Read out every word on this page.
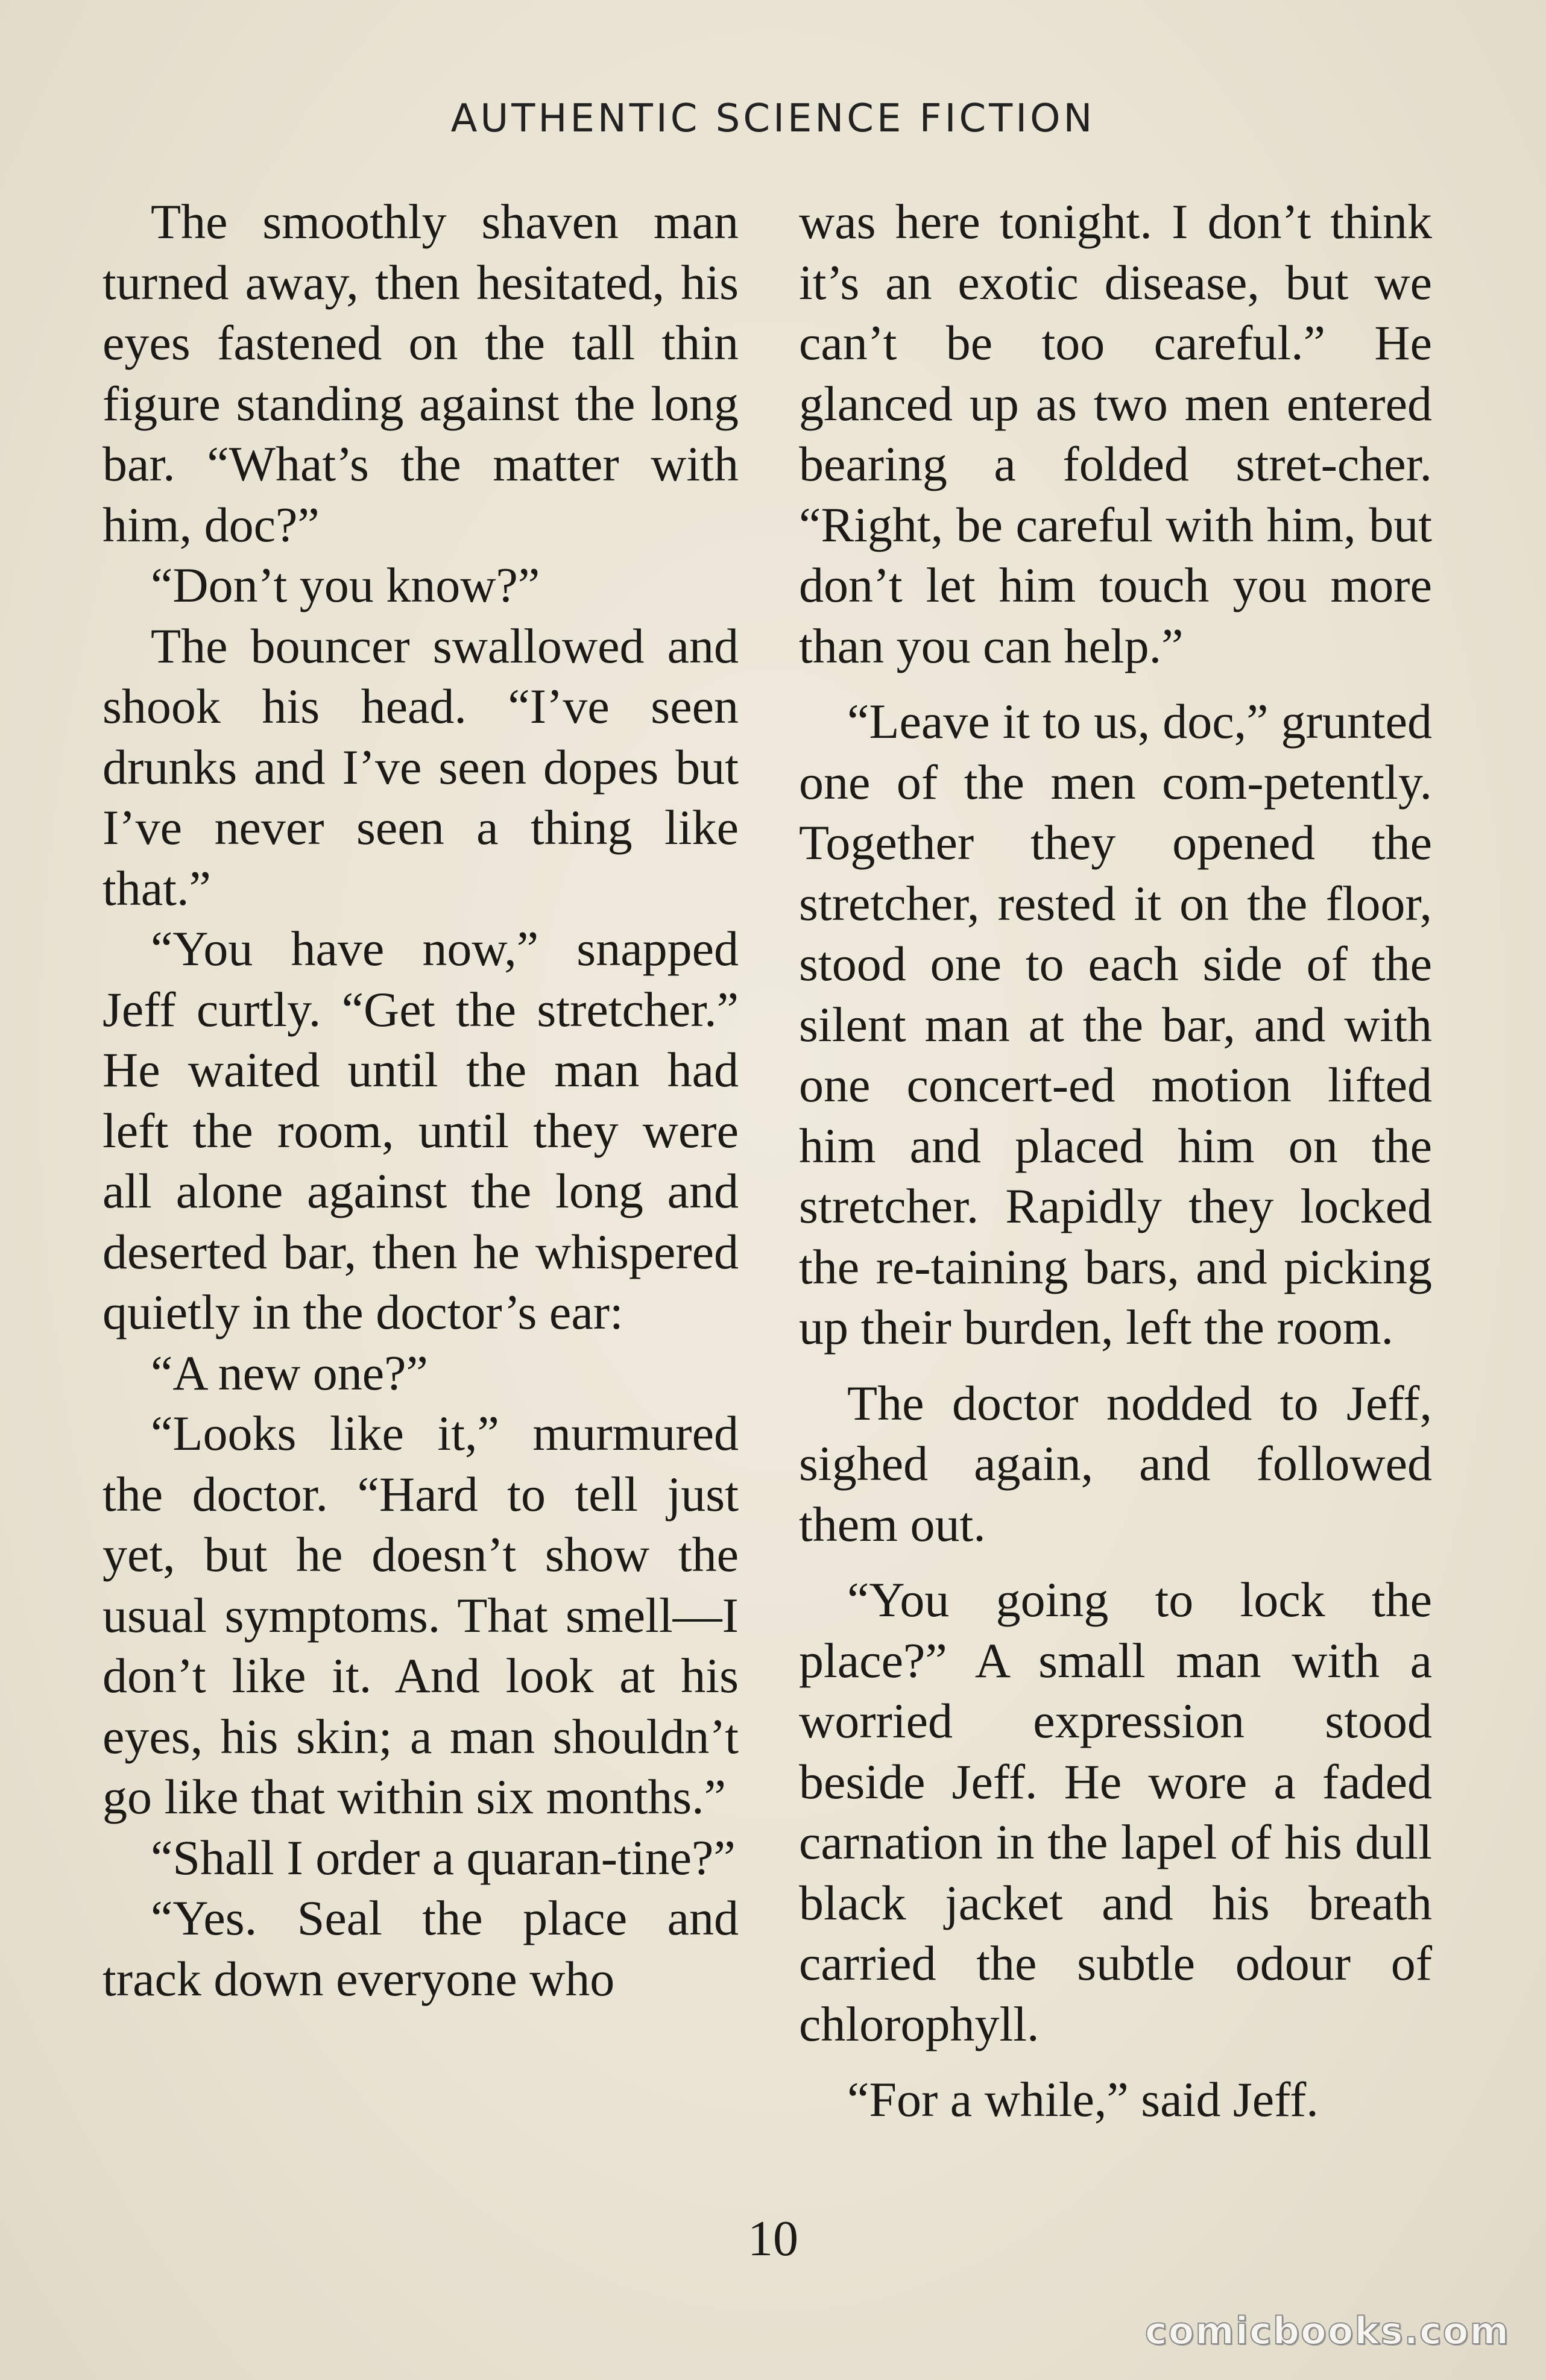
AUTHENTIC SCIENCE FICTION

The smoothly shaven man turned away, then hesitated, his eyes fastened on the tall thin figure standing against the long bar. “What’s the matter with him, doc?”

“Don’t you know?”

The bouncer swallowed and shook his head. “I’ve seen drunks and I’ve seen dopes but I’ve never seen a thing like that.”

“You have now,” snapped Jeff curtly. “Get the stretcher.” He waited until the man had left the room, until they were all alone against the long and deserted bar, then he whispered quietly in the doctor’s ear:

“A new one?”

“Looks like it,” murmured the doctor. “Hard to tell just yet, but he doesn’t show the usual symptoms. That smell—I don’t like it. And look at his eyes, his skin; a man shouldn’t go like that within six months.”

“Shall I order a quaran-tine?”

“Yes. Seal the place and track down everyone who

was here tonight. I don’t think it’s an exotic disease, but we can’t be too careful.” He glanced up as two men entered bearing a folded stret-cher. “Right, be careful with him, but don’t let him touch you more than you can help.”

“Leave it to us, doc,” grunted one of the men com-petently. Together they opened the stretcher, rested it on the floor, stood one to each side of the silent man at the bar, and with one concert-ed motion lifted him and placed him on the stretcher. Rapidly they locked the re-taining bars, and picking up their burden, left the room.

The doctor nodded to Jeff, sighed again, and followed them out.

“You going to lock the place?” A small man with a worried expression stood beside Jeff. He wore a faded carnation in the lapel of his dull black jacket and his breath carried the subtle odour of chlorophyll.

“For a while,” said Jeff.

10
comicbooks.com
